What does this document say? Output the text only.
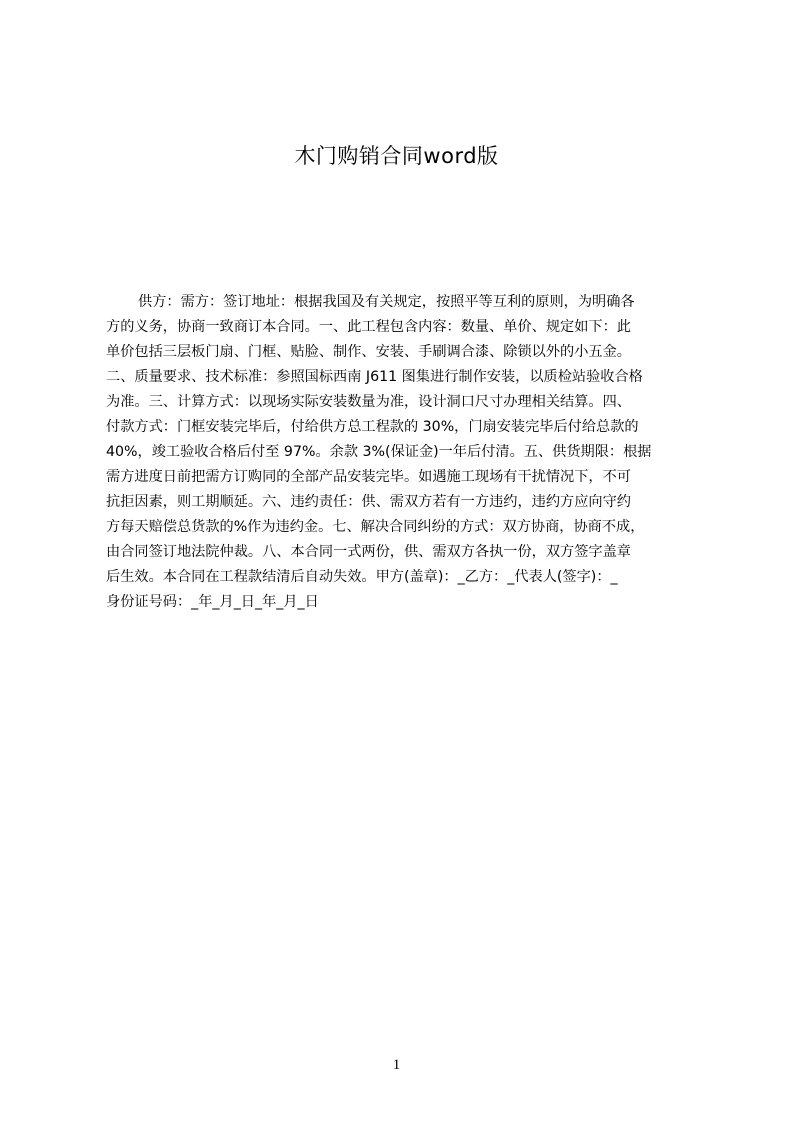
木门购销合同word版
供方：需方：签订地址：根据我国及有关规定，按照平等互利的原则，为明确各
方的义务，协商一致商订本合同。一、此工程包含内容：数量、单价、规定如下：此
单价包括三层板门扇、门框、贴脸、制作、安装、手刷调合漆、除锁以外的小五金。
二、质量要求、技术标准：参照国标西南 J611 图集进行制作安装，以质检站验收合格
为准。三、计算方式：以现场实际安装数量为准，设计洞口尺寸办理相关结算。四、
付款方式：门框安装完毕后，付给供方总工程款的 30%，门扇安装完毕后付给总款的
40%，竣工验收合格后付至 97%。余款 3%(保证金)一年后付清。五、供货期限：根据
需方进度日前把需方订购同的全部产品安装完毕。如遇施工现场有干扰情况下，不可
抗拒因素，则工期顺延。六、违约责任：供、需双方若有一方违约，违约方应向守约
方每天赔偿总货款的%作为违约金。七、解决合同纠纷的方式：双方协商，协商不成，
由合同签订地法院仲裁。八、本合同一式两份，供、需双方各执一份，双方签字盖章
后生效。本合同在工程款结清后自动失效。甲方(盖章)：_乙方：_代表人(签字)：_
身份证号码：_年_月_日_年_月_日
1
